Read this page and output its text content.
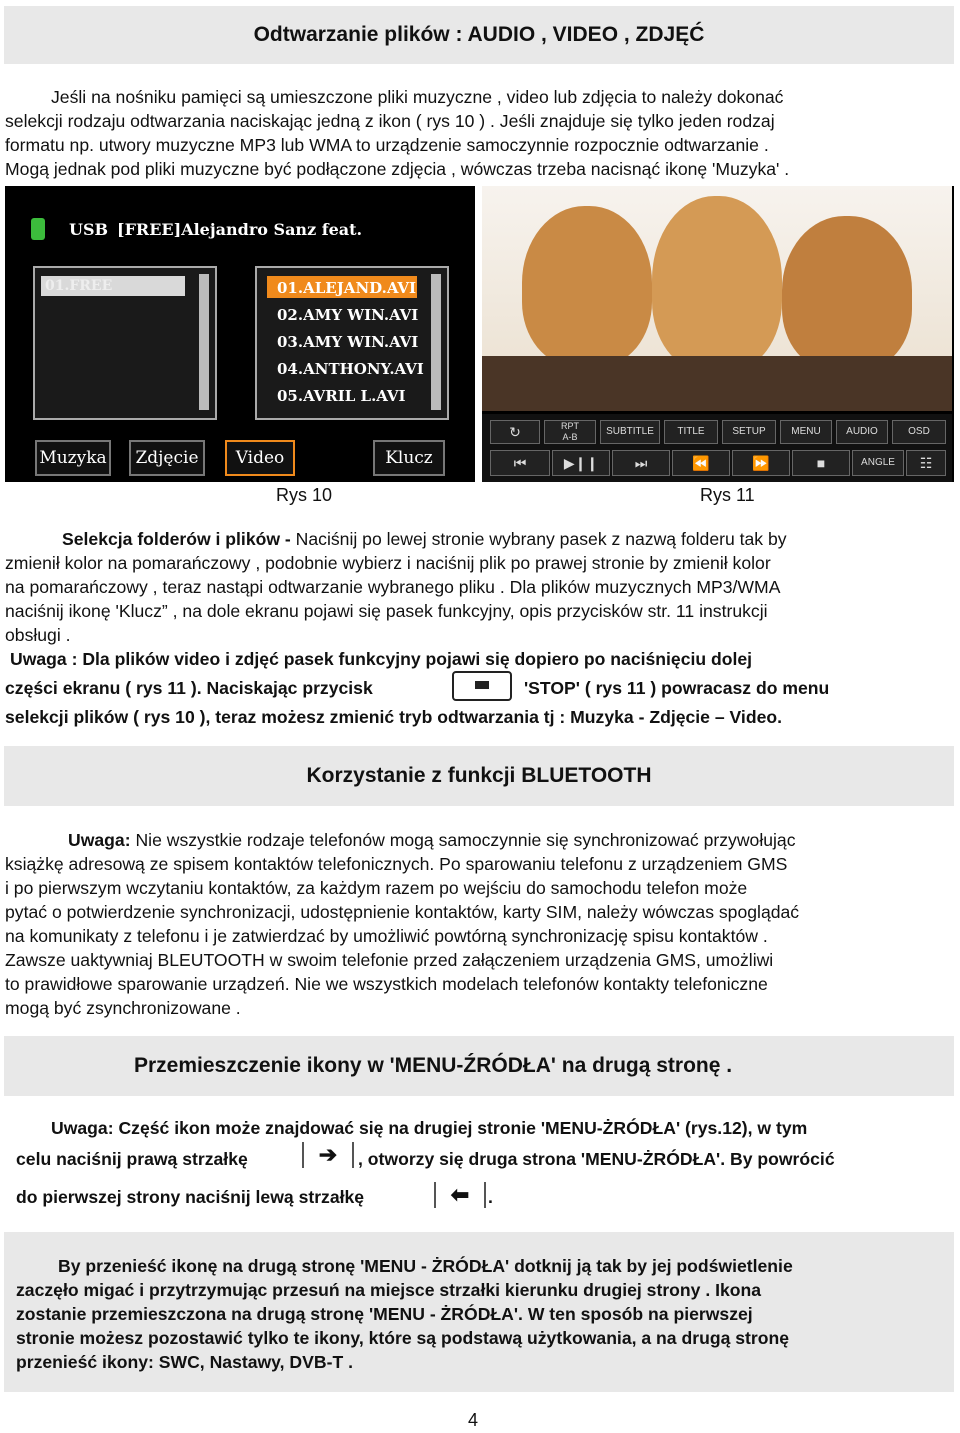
Odtwarzanie plików : AUDIO , VIDEO , ZDJĘĆ
Jeśli na nośniku pamięci są umieszczone pliki muzyczne , video lub zdjęcia to należy dokonać
selekcji rodzaju odtwarzania naciskając jedną z ikon ( rys 10 ) . Jeśli znajduje się tylko jeden rodzaj
formatu np. utwory muzyczne MP3 lub WMA to urządzenie samoczynnie rozpocznie odtwarzanie .
Mogą jednak pod pliki muzyczne być podłączone zdjęcia , wówczas trzeba nacisnąć ikonę 'Muzyka' .
USB [FREE]Alejandro Sanz feat.
01.FREE	01.ALEJAND.AVI
02.AMY WIN.AVI
03.AMY WIN.AVI
04.ANTHONY.AVI
05.AVRIL L.AVI
Muzyka	Zdjęcie	Video	Klucz
Rys 10
↻	RPT
A-B	SUBTITLE	TITLE	SETUP	MENU	AUDIO	OSD
⏮	▶❙❙	⏭	⏪	⏩	■	ANGLE	☷
Rys 11
Selekcja folderów i plików - Naciśnij po lewej stronie wybrany pasek z nazwą folderu tak by
zmienił kolor na pomarańczowy , podobnie wybierz i naciśnij plik po prawej stronie by zmienił kolor
na pomarańczowy , teraz nastąpi odtwarzanie wybranego pliku . Dla plików muzycznych MP3/WMA
naciśnij ikonę 'Klucz” , na dole ekranu pojawi się pasek funkcyjny, opis przycisków str. 11 instrukcji
obsługi .
Uwaga : Dla plików video i zdjęć pasek funkcyjny pojawi się dopiero po naciśnięciu dolej
części ekranu ( rys 11 ). Naciskając przycisk	'STOP' ( rys 11 ) powracasz do menu
selekcji plików ( rys 10 ), teraz możesz zmienić tryb odtwarzania tj : Muzyka - Zdjęcie – Video.
Korzystanie z funkcji BLUETOOTH
Uwaga: Nie wszystkie rodzaje telefonów mogą samoczynnie się synchronizować przywołując
książkę adresową ze spisem kontaktów telefonicznych. Po sparowaniu telefonu z urządzeniem GMS
i po pierwszym wczytaniu kontaktów, za każdym razem po wejściu do samochodu telefon może
pytać o potwierdzenie synchronizacji, udostępnienie kontaktów, karty SIM, należy wówczas spoglądać
na komunikaty z telefonu i je zatwierdzać by umożliwić powtórną synchronizację spisu kontaktów .
Zawsze uaktywniaj BLEUTOOTH w swoim telefonie przed załączeniem urządzenia GMS, umożliwi
to prawidłowe sparowanie urządzeń. Nie we wszystkich modelach telefonów kontakty telefoniczne
mogą być zsynchronizowane .
Przemieszczenie ikony w 'MENU-ŹRÓDŁA' na drugą stronę .
Uwaga: Część ikon może znajdować się na drugiej stronie 'MENU-ŻRÓDŁA' (rys.12), w tym
celu naciśnij prawą strzałkę	➔	, otworzy się druga strona 'MENU-ŻRÓDŁA'. By powrócić
do pierwszej strony naciśnij lewą strzałkę	⬅	.
By przenieść ikonę na drugą stronę 'MENU - ŻRÓDŁA' dotknij ją tak by jej podświetlenie
zaczęło migać i przytrzymując przesuń na miejsce strzałki kierunku drugiej strony . Ikona
zostanie przemieszczona na drugą stronę 'MENU - ŻRÓDŁA'. W ten sposób na pierwszej
stronie możesz pozostawić tylko te ikony, które są podstawą użytkowania, a na drugą stronę
przenieść ikony: SWC, Nastawy, DVB-T .
4
